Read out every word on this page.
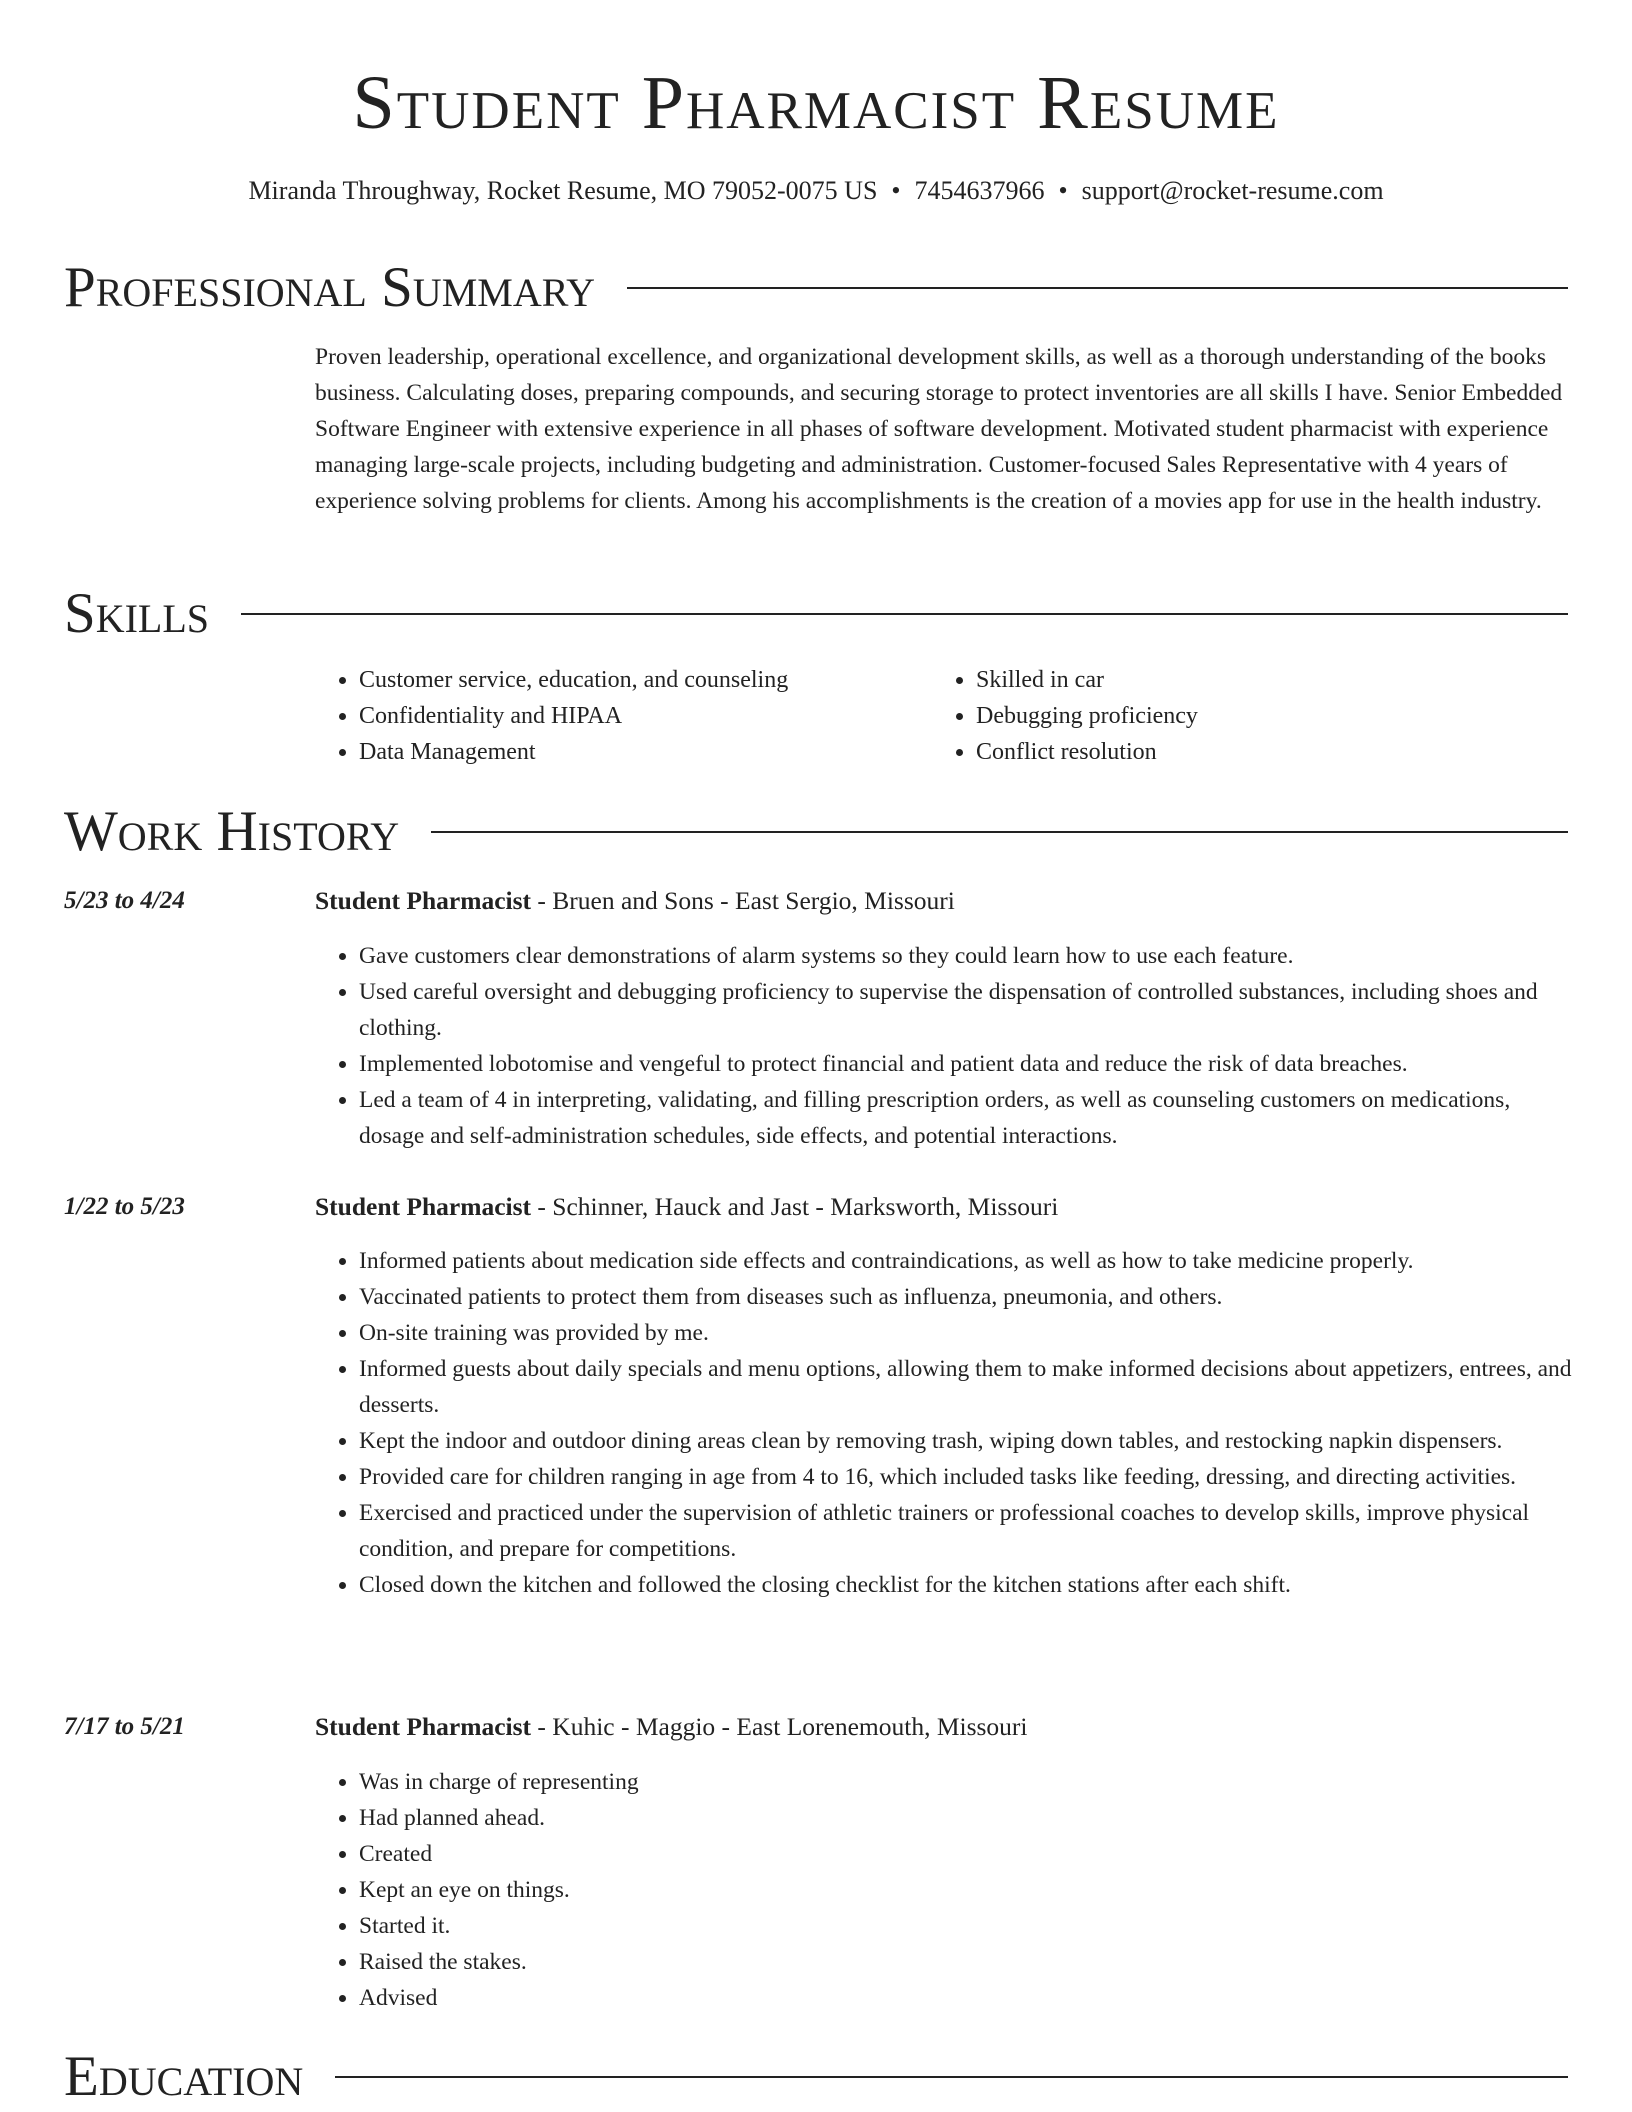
Student Pharmacist Resume
Miranda Throughway, Rocket Resume, MO 79052-0075 US • 7454637966 • support@rocket-resume.com
Professional Summary

Proven leadership, operational excellence, and organizational development skills, as well as a thorough understanding of the books business. Calculating doses, preparing compounds, and securing storage to protect inventories are all skills I have. Senior Embedded Software Engineer with extensive experience in all phases of software development. Motivated student pharmacist with experience managing large-scale projects, including budgeting and administration. Customer-focused Sales Representative with 4 years of experience solving problems for clients. Among his accomplishments is the creation of a movies app for use in the health industry.

Skills
• Customer service, education, and counseling
• Confidentiality and HIPAA
• Data Management
• Skilled in car
• Debugging proficiency
• Conflict resolution
Work History
5/23 to 4/24	Student Pharmacist - Bruen and Sons - East Sergio, Missouri
• Gave customers clear demonstrations of alarm systems so they could learn how to use each feature.
• Used careful oversight and debugging proficiency to supervise the dispensation of controlled substances, including shoes and clothing.
• Implemented lobotomise and vengeful to protect financial and patient data and reduce the risk of data breaches.
• Led a team of 4 in interpreting, validating, and filling prescription orders, as well as counseling customers on medications, dosage and self-administration schedules, side effects, and potential interactions.
1/22 to 5/23	Student Pharmacist - Schinner, Hauck and Jast - Marksworth, Missouri
• Informed patients about medication side effects and contraindications, as well as how to take medicine properly.
• Vaccinated patients to protect them from diseases such as influenza, pneumonia, and others.
• On-site training was provided by me.
• Informed guests about daily specials and menu options, allowing them to make informed decisions about appetizers, entrees, and desserts.
• Kept the indoor and outdoor dining areas clean by removing trash, wiping down tables, and restocking napkin dispensers.
• Provided care for children ranging in age from 4 to 16, which included tasks like feeding, dressing, and directing activities.
• Exercised and practiced under the supervision of athletic trainers or professional coaches to develop skills, improve physical condition, and prepare for competitions.
• Closed down the kitchen and followed the closing checklist for the kitchen stations after each shift.
7/17 to 5/21	Student Pharmacist - Kuhic - Maggio - East Lorenemouth, Missouri
• Was in charge of representing
• Had planned ahead.
• Created
• Kept an eye on things.
• Started it.
• Raised the stakes.
• Advised
Education
